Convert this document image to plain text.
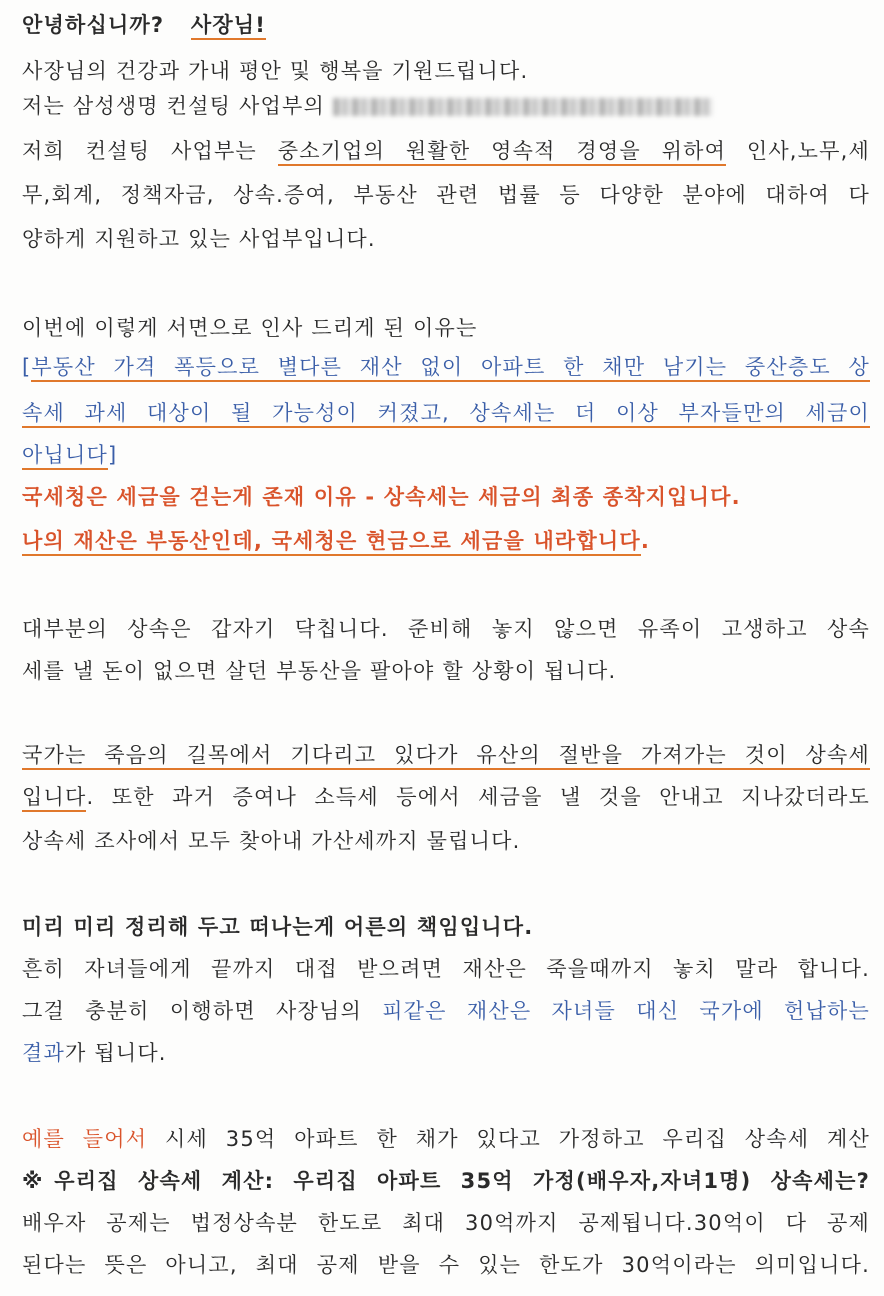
안녕하십니까? 사장님!
사장님의 건강과 가내 평안 및 행복을 기원드립니다.
저는 삼성생명 컨설팅 사업부의
저희 컨설팅 사업부는 중소기업의 원활한 영속적 경영을 위하여 인사,노무,세
무,회계, 정책자금, 상속.증여, 부동산 관련 법률 등 다양한 분야에 대하여 다
양하게 지원하고 있는 사업부입니다.
이번에 이렇게 서면으로 인사 드리게 된 이유는
[부동산 가격 폭등으로 별다른 재산 없이 아파트 한 채만 남기는 중산층도 상
속세 과세 대상이 될 가능성이 커졌고, 상속세는 더 이상 부자들만의 세금이
아닙니다]
국세청은 세금을 걷는게 존재 이유 - 상속세는 세금의 최종 종착지입니다.
나의 재산은 부동산인데, 국세청은 현금으로 세금을 내라합니다.
대부분의 상속은 갑자기 닥칩니다. 준비해 놓지 않으면 유족이 고생하고 상속
세를 낼 돈이 없으면 살던 부동산을 팔아야 할 상황이 됩니다.
국가는 죽음의 길목에서 기다리고 있다가 유산의 절반을 가져가는 것이 상속세
입니다. 또한 과거 증여나 소득세 등에서 세금을 낼 것을 안내고 지나갔더라도
상속세 조사에서 모두 찾아내 가산세까지 물립니다.
미리 미리 정리해 두고 떠나는게 어른의 책임입니다.
흔히 자녀들에게 끝까지 대접 받으려면 재산은 죽을때까지 놓치 말라 합니다.
그걸 충분히 이행하면 사장님의 피같은 재산은 자녀들 대신 국가에 헌납하는
결과가 됩니다.
예를 들어서 시세 35억 아파트 한 채가 있다고 가정하고 우리집 상속세 계산
※우리집 상속세 계산: 우리집 아파트 35억 가정(배우자,자녀1명) 상속세는?
배우자 공제는 법정상속분 한도로 최대 30억까지 공제됩니다.30억이 다 공제
된다는 뜻은 아니고, 최대 공제 받을 수 있는 한도가 30억이라는 의미입니다.
